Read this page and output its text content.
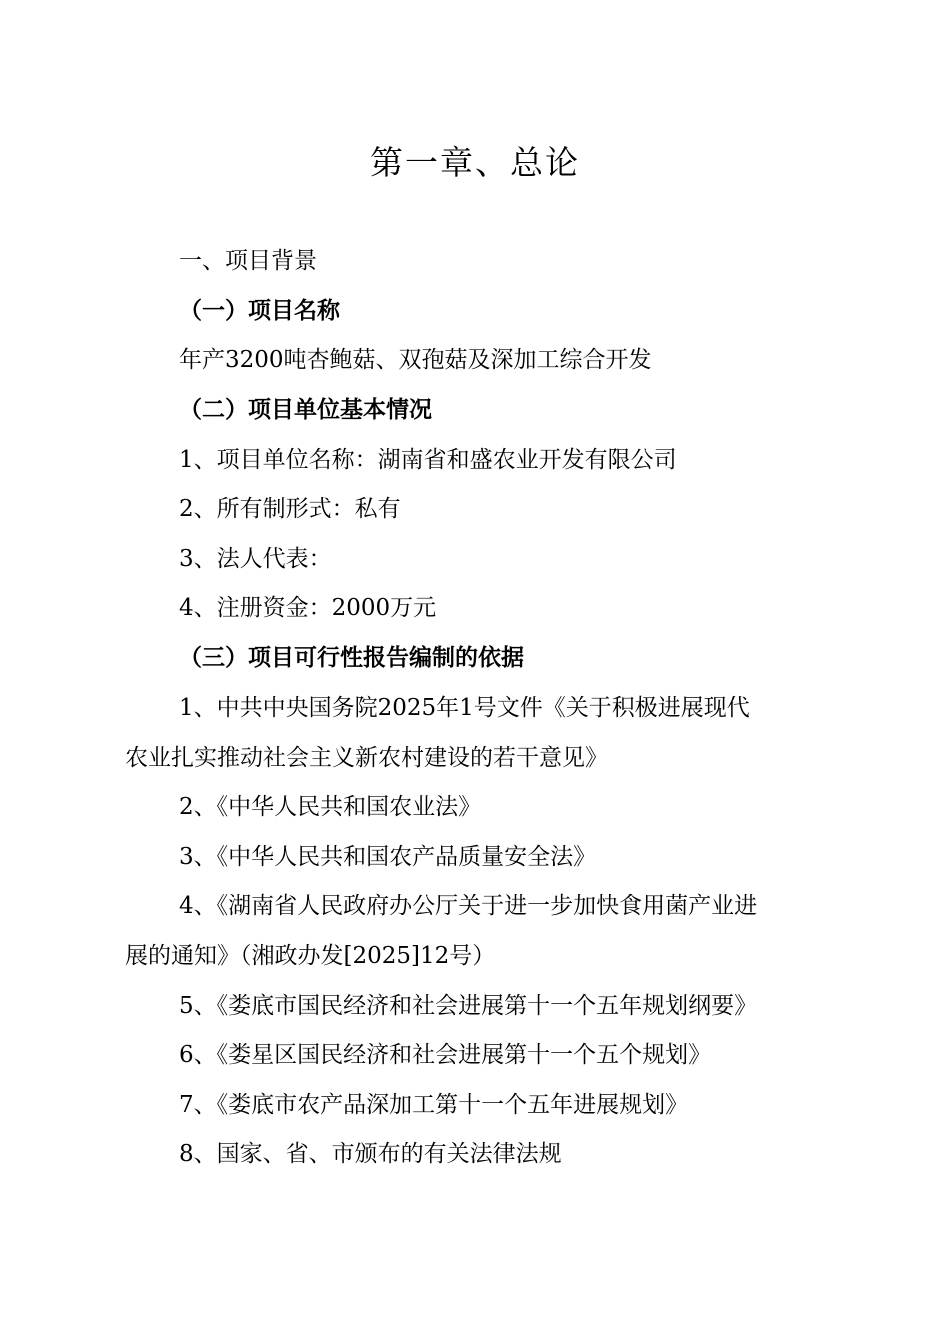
第一章、总论
一、项目背景
（一）项目名称
年产3200吨杏鲍菇、双孢菇及深加工综合开发
（二）项目单位基本情况
1、项目单位名称：湖南省和盛农业开发有限公司
2、所有制形式：私有
3、法人代表：
4、注册资金：2000万元
（三）项目可行性报告编制的依据
1、中共中央国务院2025年1号文件《关于积极进展现代
农业扎实推动社会主义新农村建设的若干意见》
2、《中华人民共和国农业法》
3、《中华人民共和国农产品质量安全法》
4、《湖南省人民政府办公厅关于进一步加快食用菌产业进
展的通知》（湘政办发[2025]12号）
5、《娄底市国民经济和社会进展第十一个五年规划纲要》
6、《娄星区国民经济和社会进展第十一个五个规划》
7、《娄底市农产品深加工第十一个五年进展规划》
8、国家、省、市颁布的有关法律法规
